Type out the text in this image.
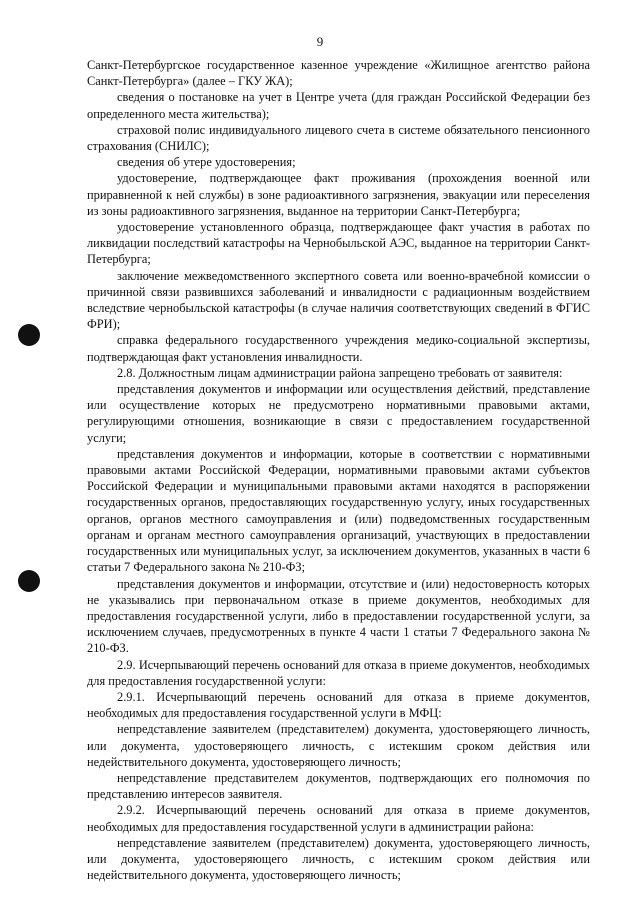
9

Санкт-Петербургское государственное казенное учреждение «Жилищное агентство района Санкт-Петербурга» (далее – ГКУ ЖА);

сведения о постановке на учет в Центре учета (для граждан Российской Федерации без определенного места жительства);

страховой полис индивидуального лицевого счета в системе обязательного пенсионного страхования (СНИЛС);

сведения об утере удостоверения;

удостоверение, подтверждающее факт проживания (прохождения военной или приравненной к ней службы) в зоне радиоактивного загрязнения, эвакуации или переселения из зоны радиоактивного загрязнения, выданное на территории Санкт-Петербурга;

удостоверение установленного образца, подтверждающее факт участия в работах по ликвидации последствий катастрофы на Чернобыльской АЭС, выданное на территории Санкт-Петербурга;

заключение межведомственного экспертного совета или военно-врачебной комиссии о причинной связи развившихся заболеваний и инвалидности с радиационным воздействием вследствие чернобыльской катастрофы (в случае наличия соответствующих сведений в ФГИС ФРИ);

справка федерального государственного учреждения медико-социальной экспертизы, подтверждающая факт установления инвалидности.

2.8. Должностным лицам администрации района запрещено требовать от заявителя:

представления документов и информации или осуществления действий, представление или осуществление которых не предусмотрено нормативными правовыми актами, регулирующими отношения, возникающие в связи с предоставлением государственной услуги;

представления документов и информации, которые в соответствии с нормативными правовыми актами Российской Федерации, нормативными правовыми актами субъектов Российской Федерации и муниципальными правовыми актами находятся в распоряжении государственных органов, предоставляющих государственную услугу, иных государственных органов, органов местного самоуправления и (или) подведомственных государственным органам и органам местного самоуправления организаций, участвующих в предоставлении государственных или муниципальных услуг, за исключением документов, указанных в части 6 статьи 7 Федерального закона № 210-ФЗ;

представления документов и информации, отсутствие и (или) недостоверность которых не указывались при первоначальном отказе в приеме документов, необходимых для предоставления государственной услуги, либо в предоставлении государственной услуги, за исключением случаев, предусмотренных в пункте 4 части 1 статьи 7 Федерального закона № 210-ФЗ.

2.9. Исчерпывающий перечень оснований для отказа в приеме документов, необходимых для предоставления государственной услуги:

2.9.1. Исчерпывающий перечень оснований для отказа в приеме документов, необходимых для предоставления государственной услуги в МФЦ:

непредставление заявителем (представителем) документа, удостоверяющего личность, или документа, удостоверяющего личность, с истекшим сроком действия или недействительного документа, удостоверяющего личность;

непредставление представителем документов, подтверждающих его полномочия по представлению интересов заявителя.

2.9.2. Исчерпывающий перечень оснований для отказа в приеме документов, необходимых для предоставления государственной услуги в администрации района:

непредставление заявителем (представителем) документа, удостоверяющего личность, или документа, удостоверяющего личность, с истекшим сроком действия или недействительного документа, удостоверяющего личность;
